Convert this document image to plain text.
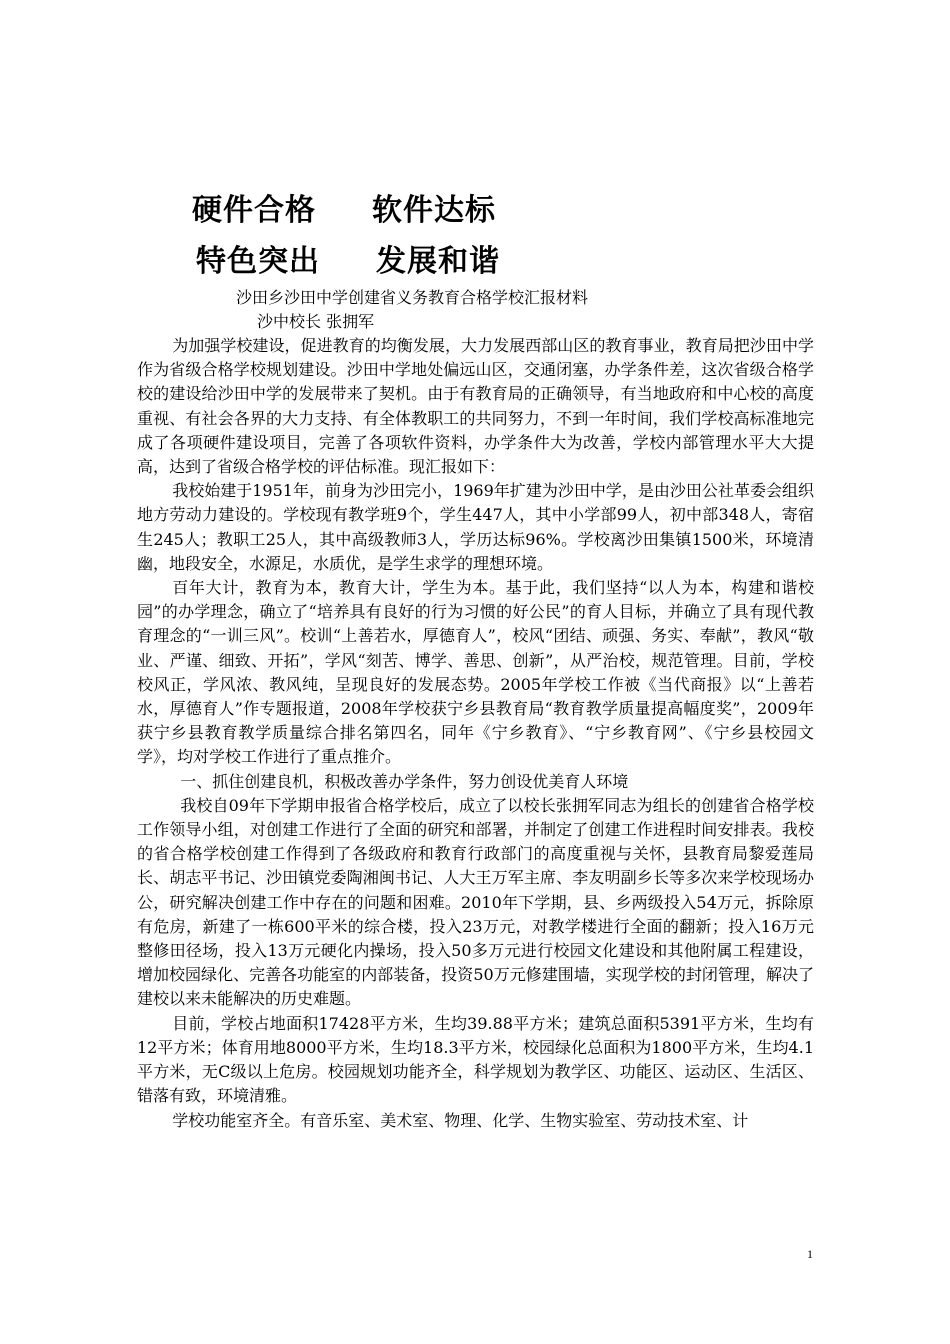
硬件合格 软件达标
特色突出 发展和谐
沙田乡沙田中学创建省义务教育合格学校汇报材料
沙中校长 张拥军

为加强学校建设，促进教育的均衡发展，大力发展西部山区的教育事业，教育局把沙田中学作为省级合格学校规划建设。沙田中学地处偏远山区，交通闭塞，办学条件差，这次省级合格学校的建设给沙田中学的发展带来了契机。由于有教育局的正确领导，有当地政府和中心校的高度重视、有社会各界的大力支持、有全体教职工的共同努力，不到一年时间，我们学校高标准地完成了各项硬件建设项目，完善了各项软件资料，办学条件大为改善，学校内部管理水平大大提高，达到了省级合格学校的评估标准。现汇报如下：

我校始建于1951年，前身为沙田完小，1969年扩建为沙田中学，是由沙田公社革委会组织地方劳动力建设的。学校现有教学班9个，学生447人，其中小学部99人，初中部348人，寄宿生245人；教职工25人，其中高级教师3人，学历达标96%。学校离沙田集镇1500米，环境清幽，地段安全，水源足，水质优，是学生求学的理想环境。

百年大计，教育为本，教育大计，学生为本。基于此，我们坚持“以人为本，构建和谐校园”的办学理念，确立了“培养具有良好的行为习惯的好公民”的育人目标，并确立了具有现代教育理念的“一训三风”。校训“上善若水，厚德育人”，校风“团结、顽强、务实、奉献”，教风“敬业、严谨、细致、开拓”，学风“刻苦、博学、善思、创新”，从严治校，规范管理。目前，学校校风正，学风浓、教风纯，呈现良好的发展态势。2005年学校工作被《当代商报》以“上善若水，厚德育人”作专题报道，2008年学校获宁乡县教育局“教育教学质量提高幅度奖”，2009年获宁乡县教育教学质量综合排名第四名，同年《宁乡教育》、“宁乡教育网”、《宁乡县校园文学》，均对学校工作进行了重点推介。

一、抓住创建良机，积极改善办学条件，努力创设优美育人环境

我校自09年下学期申报省合格学校后，成立了以校长张拥军同志为组长的创建省合格学校工作领导小组，对创建工作进行了全面的研究和部署，并制定了创建工作进程时间安排表。我校的省合格学校创建工作得到了各级政府和教育行政部门的高度重视与关怀，县教育局黎爱莲局长、胡志平书记、沙田镇党委陶湘闽书记、人大王万军主席、李友明副乡长等多次来学校现场办公，研究解决创建工作中存在的问题和困难。2010年下学期，县、乡两级投入54万元，拆除原有危房，新建了一栋600平米的综合楼，投入23万元，对教学楼进行全面的翻新；投入16万元整修田径场，投入13万元硬化内操场，投入50多万元进行校园文化建设和其他附属工程建设，增加校园绿化、完善各功能室的内部装备，投资50万元修建围墙，实现学校的封闭管理，解决了建校以来未能解决的历史难题。

目前，学校占地面积17428平方米，生均39.88平方米；建筑总面积5391平方米，生均有12平方米；体育用地8000平方米，生均18.3平方米，校园绿化总面积为1800平方米，生均4.1平方米，无C级以上危房。校园规划功能齐全，科学规划为教学区、功能区、运动区、生活区、错落有致，环境清雅。

学校功能室齐全。有音乐室、美术室、物理、化学、生物实验室、劳动技术室、计

1
